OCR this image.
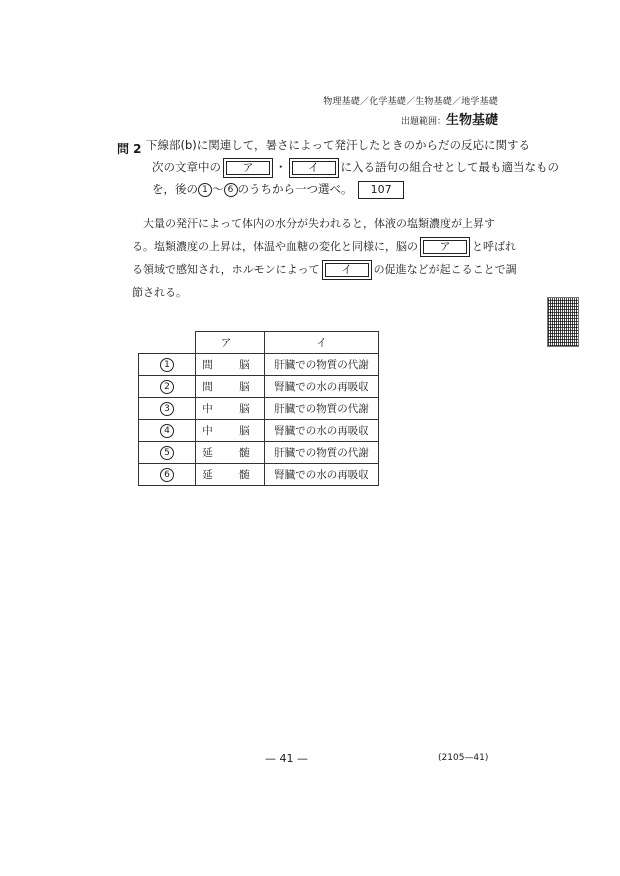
物理基礎／化学基礎／生物基礎／地学基礎
出題範囲：生物基礎
問 2 下線部(b)に関連して，暑さによって発汗したときのからだの反応に関する
次の文章中の ア ・ イ に入る語句の組合せとして最も適当なもの
を，後の 1 ～ 6 のうちから一つ選べ。 107
大量の発汗によって体内の水分が失われると，体液の塩類濃度が上昇す
る。塩類濃度の上昇は，体温や血糖の変化と同様に，脳の ア と呼ばれ
る領域で感知され，ホルモンによって イ の促進などが起こることで調
節される。
	ア	イ
1	間　脳	肝臓での物質の代謝
2	間　脳	腎臓での水の再吸収
3	中　脳	肝臓での物質の代謝
4	中　脳	腎臓での水の再吸収
5	延　髄	肝臓での物質の代謝
6	延　髄	腎臓での水の再吸収
— 41 —	(2105—41)
